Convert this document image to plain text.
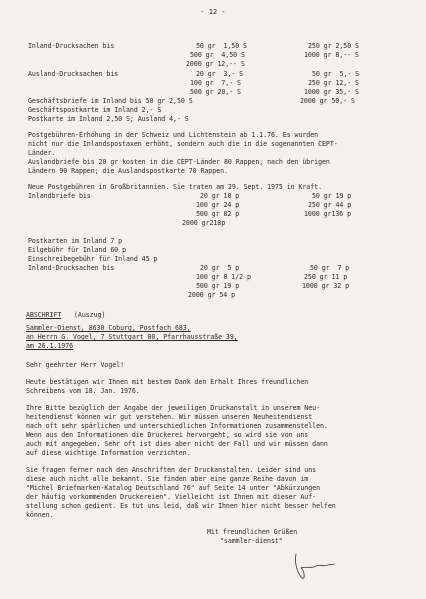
- 12 -
Inland-Drucksachen bis	50 gr  1,50 S	250 gr 2,50 S
500 gr  4,50 S	1000 gr 8,-- S
2000 gr 12,-- S
Ausland-Drucksachen bis	20 gr  3,- S	50 gr  5,- S
100 gr  7,- S	250 gr 12,- S
500 gr 20,- S	1000 gr 35,- S
Geschäftsbriefe im Inland bis 50 gr 2,50 S	2000 gr 50,- S
Geschäftspostkarte im Inland 2,- S
Postkarte im Inland 2,50 S; Ausland 4,- S
Postgebühren-Erhöhung in der Schweiz und Lichtenstein ab 1.1.76. Es wurden
nicht nur die Inlandspostaxen erhöht, sondern auch die in die sogenannten CEPT-
Länder.
Auslandbriefe bis 20 gr kosten in die CEPT-Länder 80 Rappen; nach den übrigen
Ländern 90 Rappen; die Auslandspostkarte 70 Rappen.
Neue Postgebühren in Großbritannien. Sie traten am 29. Sept. 1975 in Kraft.
Inlandbriefe bis	20 gr 10 p	50 gr 19 p
100 gr 24 p	250 gr 44 p
500 gr 82 p	1000 gr136 p
2000 gr218p
Postkarten im Inland 7 p
Eilgebühr für Inland 60 p
Einschreibegebühr für Inland 45 p
Inland-Drucksachen bis	20 gr  5 p	50 gr  7 p
100 gr 8 1/2 p	250 gr 11 p
500 gr 19 p	1000 gr 32 p
2000 gr 54 p
ABSCHRIFT (Auszug)
Sammler-Dienst, 8630 Coburg, Postfach 683,
an Herrn G. Vogel, 7 Stuttgart 80, Pfarrhausstraße 39,
am 26.1.1976
Sehr geehrter Herr Vogel!
Heute bestätigen wir Ihnen mit bestem Dank den Erhalt Ihres freundlichen
Schreibens vom 18. Jan. 1976.
Ihre Bitte bezüglich der Angabe der jeweiligen Druckanstalt in unserem Neu-
heitendienst können wir gut verstehen. Wir müssen unseren Neuheitendienst
nach oft sehr spärlichen und unterschiedlichen Informationen zusammenstellen.
Wenn aus den Informationen die Druckerei hervorgeht, so wird sie von uns
auch mit angegeben. Sehr oft ist dies aber nicht der Fall und wir müssen dann
auf diese wichtige Information verzichten.
Sie fragen ferner nach den Anschriften der Druckanstalten. Leider sind uns
diese auch nicht alle bekannt. Sie finden aber eine ganze Reihe davon im
"Michel Briefmarken-Katalog Deutschland 76" auf Seite 14 unter "Abkürzungen
der häufig vorkommenden Druckereien". Vielleicht ist Ihnen mit dieser Auf-
stellung schon gedient. Es tut uns leid, daß wir Ihnen hier nicht besser helfen
können.
Mit freundlichen Grüßen
"sammler-dienst"
